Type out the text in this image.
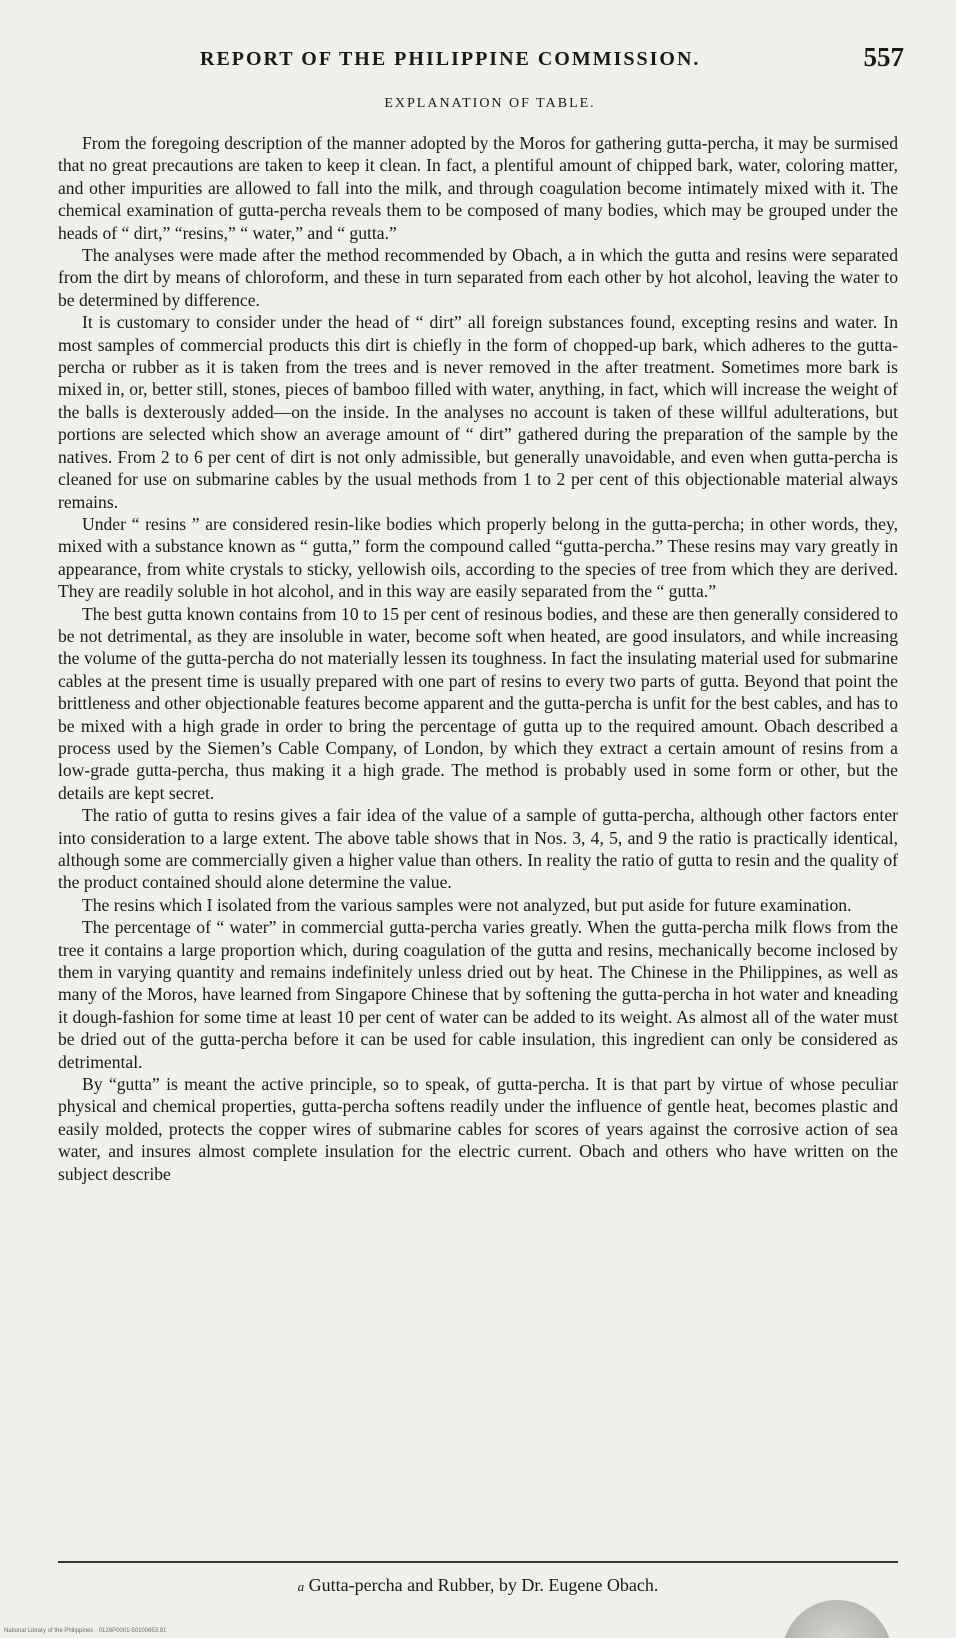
REPORT OF THE PHILIPPINE COMMISSION.	557
EXPLANATION OF TABLE.

From the foregoing description of the manner adopted by the Moros for gathering gutta-percha, it may be surmised that no great precautions are taken to keep it clean. In fact, a plentiful amount of chipped bark, water, coloring matter, and other impurities are allowed to fall into the milk, and through coagulation become intimately mixed with it. The chemical examination of gutta-percha reveals them to be composed of many bodies, which may be grouped under the heads of “ dirt,” “resins,” “ water,” and “ gutta.”

The analyses were made after the method recommended by Obach, a in which the gutta and resins were separated from the dirt by means of chloroform, and these in turn separated from each other by hot alcohol, leaving the water to be determined by difference.

It is customary to consider under the head of “ dirt” all foreign substances found, excepting resins and water. In most samples of commercial products this dirt is chiefly in the form of chopped-up bark, which adheres to the gutta-percha or rubber as it is taken from the trees and is never removed in the after treatment. Sometimes more bark is mixed in, or, better still, stones, pieces of bamboo filled with water, anything, in fact, which will increase the weight of the balls is dexterously added—on the inside. In the analyses no account is taken of these willful adulterations, but portions are selected which show an average amount of “ dirt” gathered during the preparation of the sample by the natives. From 2 to 6 per cent of dirt is not only admissible, but generally unavoidable, and even when gutta-percha is cleaned for use on submarine cables by the usual methods from 1 to 2 per cent of this objectionable material always remains.

Under “ resins ” are considered resin-like bodies which properly belong in the gutta-percha; in other words, they, mixed with a substance known as “ gutta,” form the compound called “gutta-percha.” These resins may vary greatly in appearance, from white crystals to sticky, yellowish oils, according to the species of tree from which they are derived. They are readily soluble in hot alcohol, and in this way are easily separated from the “ gutta.”

The best gutta known contains from 10 to 15 per cent of resinous bodies, and these are then generally considered to be not detrimental, as they are insoluble in water, become soft when heated, are good insulators, and while increasing the volume of the gutta-percha do not materially lessen its toughness. In fact the insulating material used for submarine cables at the present time is usually prepared with one part of resins to every two parts of gutta. Beyond that point the brittleness and other objectionable features become apparent and the gutta-percha is unfit for the best cables, and has to be mixed with a high grade in order to bring the percentage of gutta up to the required amount. Obach described a process used by the Siemen’s Cable Company, of London, by which they extract a certain amount of resins from a low-grade gutta-percha, thus making it a high grade. The method is probably used in some form or other, but the details are kept secret.

The ratio of gutta to resins gives a fair idea of the value of a sample of gutta-percha, although other factors enter into consideration to a large extent. The above table shows that in Nos. 3, 4, 5, and 9 the ratio is practically identical, although some are commercially given a higher value than others. In reality the ratio of gutta to resin and the quality of the product contained should alone determine the value.

The resins which I isolated from the various samples were not analyzed, but put aside for future examination.

The percentage of “ water” in commercial gutta-percha varies greatly. When the gutta-percha milk flows from the tree it contains a large proportion which, during coagulation of the gutta and resins, mechanically become inclosed by them in varying quantity and remains indefinitely unless dried out by heat. The Chinese in the Philippines, as well as many of the Moros, have learned from Singapore Chinese that by softening the gutta-percha in hot water and kneading it dough-fashion for some time at least 10 per cent of water can be added to its weight. As almost all of the water must be dried out of the gutta-percha before it can be used for cable insulation, this ingredient can only be considered as detrimental.

By “gutta” is meant the active principle, so to speak, of gutta-percha. It is that part by virtue of whose peculiar physical and chemical properties, gutta-percha softens readily under the influence of gentle heat, becomes plastic and easily molded, protects the copper wires of submarine cables for scores of years against the corrosive action of sea water, and insures almost complete insulation for the electric current. Obach and others who have written on the subject describe

a Gutta-percha and Rubber, by Dr. Eugene Obach.
National Library of the Philippines · 0129P0001-50100653.91
